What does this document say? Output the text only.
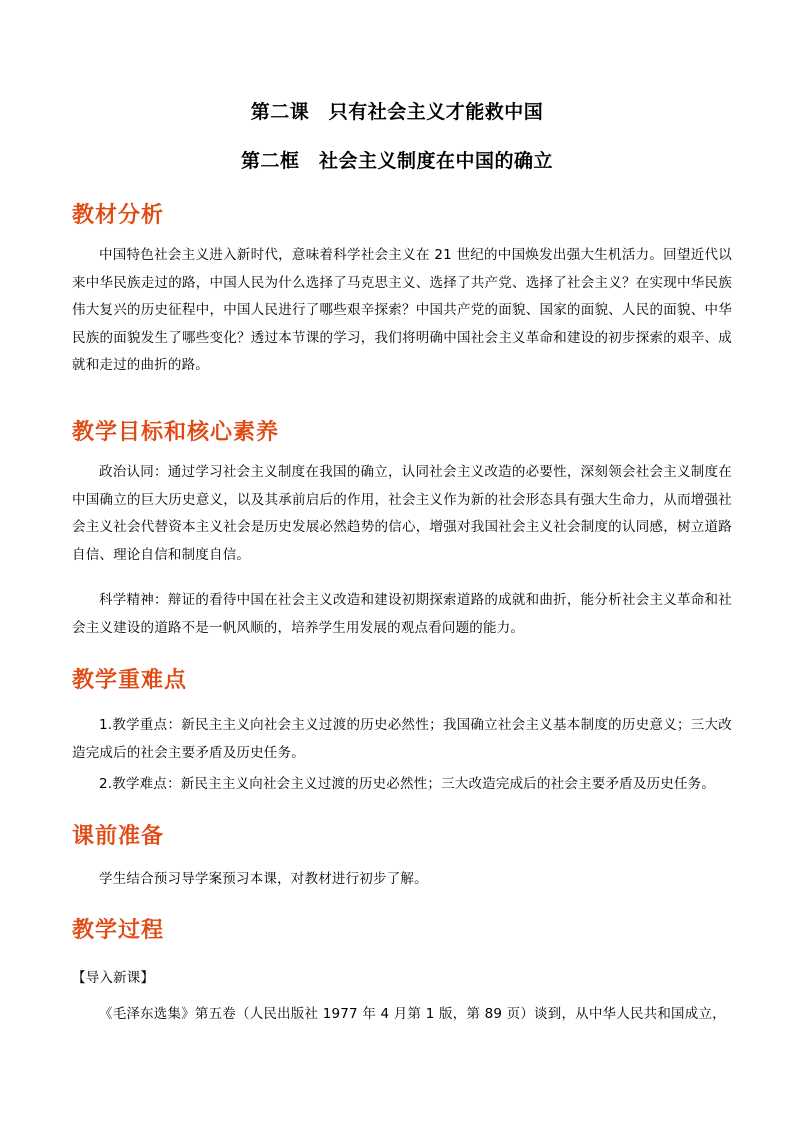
第二课　只有社会主义才能救中国
第二框　社会主义制度在中国的确立
教材分析

中国特色社会主义进入新时代，意味着科学社会主义在 21 世纪的中国焕发出强大生机活力。回望近代以来中华民族走过的路，中国人民为什么选择了马克思主义、选择了共产党、选择了社会主义？在实现中华民族伟大复兴的历史征程中，中国人民进行了哪些艰辛探索？中国共产党的面貌、国家的面貌、人民的面貌、中华民族的面貌发生了哪些变化？透过本节课的学习，我们将明确中国社会主义革命和建设的初步探索的艰辛、成就和走过的曲折的路。

教学目标和核心素养

政治认同：通过学习社会主义制度在我国的确立，认同社会主义改造的必要性，深刻领会社会主义制度在中国确立的巨大历史意义，以及其承前启后的作用，社会主义作为新的社会形态具有强大生命力，从而增强社会主义社会代替资本主义社会是历史发展必然趋势的信心，增强对我国社会主义社会制度的认同感，树立道路自信、理论自信和制度自信。

科学精神：辩证的看待中国在社会主义改造和建设初期探索道路的成就和曲折，能分析社会主义革命和社会主义建设的道路不是一帆风顺的，培养学生用发展的观点看问题的能力。

教学重难点

1.教学重点：新民主主义向社会主义过渡的历史必然性；我国确立社会主义基本制度的历史意义；三大改造完成后的社会主要矛盾及历史任务。

2.教学难点：新民主主义向社会主义过渡的历史必然性；三大改造完成后的社会主要矛盾及历史任务。

课前准备

学生结合预习导学案预习本课，对教材进行初步了解。

教学过程
【导入新课】

《毛泽东选集》第五卷（人民出版社 1977 年 4 月第 1 版，第 89 页）谈到，从中华人民共和国成立，
